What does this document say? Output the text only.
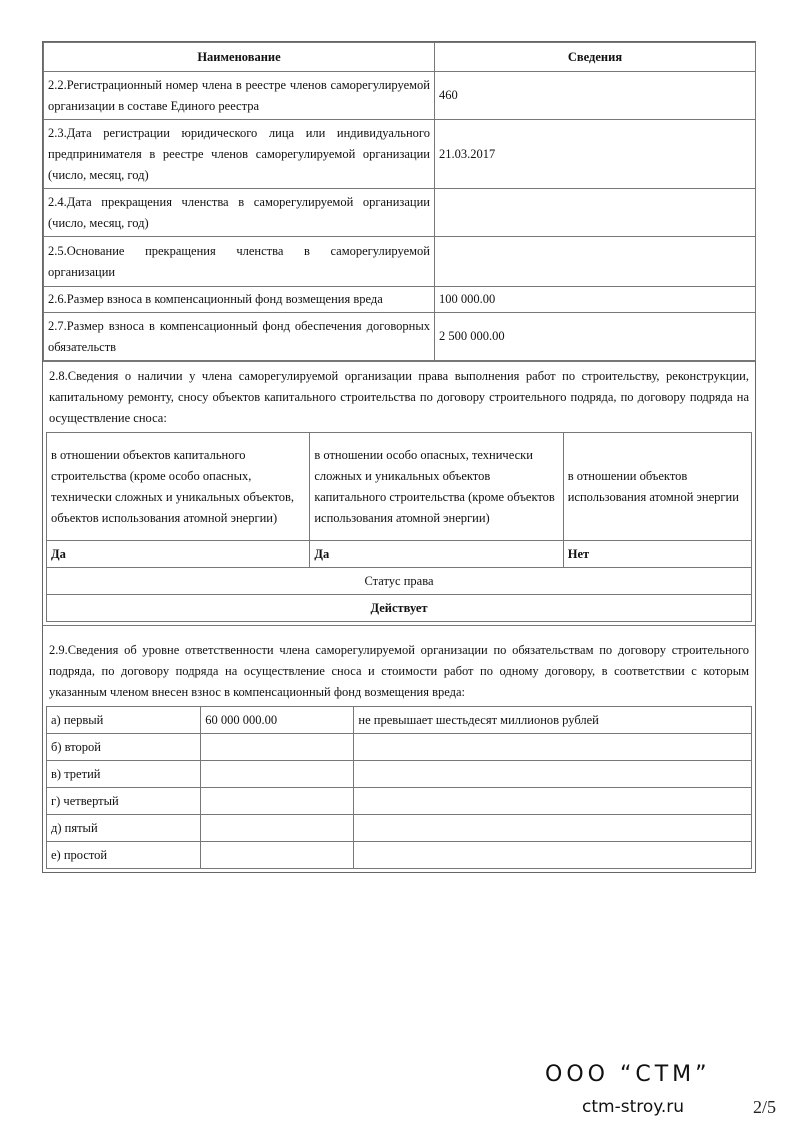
Наименование	Сведения
2.2.Регистрационный номер члена в реестре членов саморегулируемой организации в составе Единого реестра	460
2.3.Дата регистрации юридического лица или индивидуального предпринимателя в реестре членов саморегулируемой организации (число, месяц, год)	21.03.2017
2.4.Дата прекращения членства в саморегулируемой организации (число, месяц, год)	
2.5.Основание прекращения членства в саморегулируемой организации	
2.6.Размер взноса в компенсационный фонд возмещения вреда	100 000.00
2.7.Размер взноса в компенсационный фонд обеспечения договорных обязательств	2 500 000.00
2.8.Сведения о наличии у члена саморегулируемой организации права выполнения работ по строительству, реконструкции, капитальному ремонту, сносу объектов капитального строительства по договору строительного подряда, по договору подряда на осуществление сноса:
в отношении объектов капитального строительства (кроме особо опасных, технически сложных и уникальных объектов, объектов использования атомной энергии)	в отношении особо опасных, технически сложных и уникальных объектов капитального строительства (кроме объектов использования атомной энергии)	в отношении объектов использования атомной энергии
Да	Да	Нет
Статус права		
Действует		
2.9.Сведения об уровне ответственности члена саморегулируемой организации по обязательствам по договору строительного подряда, по договору подряда на осуществление сноса и стоимости работ по одному договору, в соответствии с которым указанным членом внесен взнос в компенсационный фонд возмещения вреда:
а) первый	60 000 000.00	не превышает шестьдесят миллионов рублей
б) второй		
в) третий		
г) четвертый		
д) пятый		
е) простой		
ООО “СТМ”
ctm-stroy.ru	2/5
